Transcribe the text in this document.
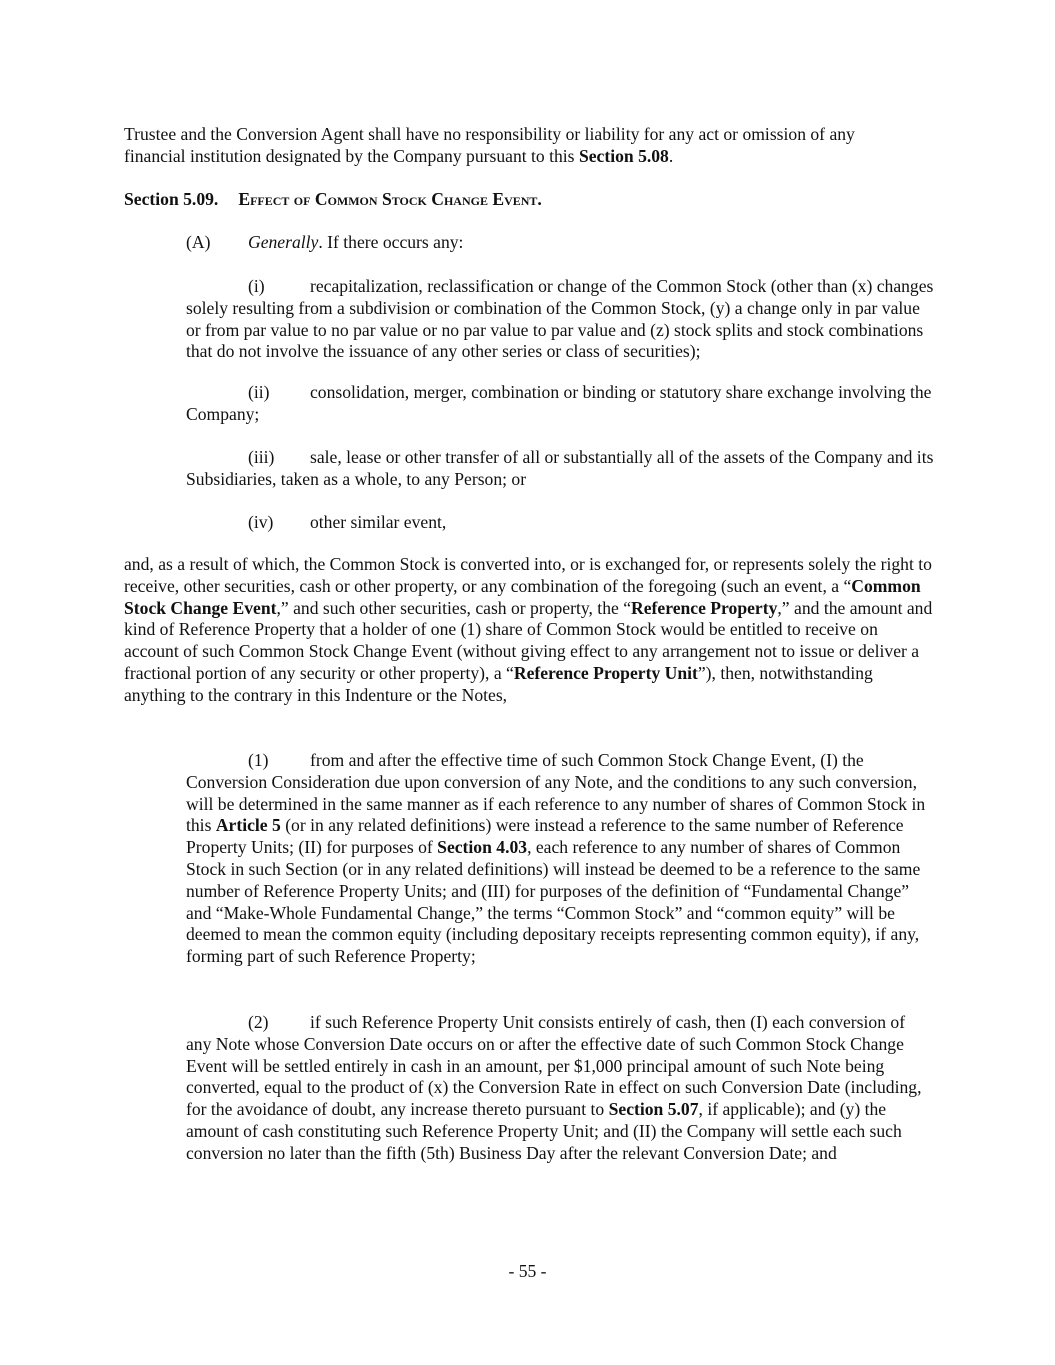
Trustee and the Conversion Agent shall have no responsibility or liability for any act or omission of any
financial institution designated by the Company pursuant to this Section 5.08.
Section 5.09. Effect of Common Stock Change Event.
(A) Generally. If there occurs any:
(i)	recapitalization, reclassification or change of the Common Stock (other than (x) changes solely resulting from a subdivision or combination of the Common Stock, (y) a change only in par value or from par value to no par value or no par value to par value and (z) stock splits and stock combinations that do not involve the issuance of any other series or class of securities);
(ii) consolidation, merger, combination or binding or statutory share exchange involving the Company;
(iii) sale, lease or other transfer of all or substantially all of the assets of the Company and its Subsidiaries, taken as a whole, to any Person; or
(iv) other similar event,
and, as a result of which, the Common Stock is converted into, or is exchanged for, or represents solely the right to receive, other securities, cash or other property, or any combination of the foregoing (such an event, a “Common Stock Change Event,” and such other securities, cash or property, the “Reference Property,” and the amount and kind of Reference Property that a holder of one (1) share of Common Stock would be entitled to receive on account of such Common Stock Change Event (without giving effect to any arrangement not to issue or deliver a fractional portion of any security or other property), a “Reference Property Unit”), then, notwithstanding anything to the contrary in this Indenture or the Notes,
(1) from and after the effective time of such Common Stock Change Event, (I) the Conversion Consideration due upon conversion of any Note, and the conditions to any such conversion, will be determined in the same manner as if each reference to any number of shares of Common Stock in this Article 5 (or in any related definitions) were instead a reference to the same number of Reference Property Units; (II) for purposes of Section 4.03, each reference to any number of shares of Common Stock in such Section (or in any related definitions) will instead be deemed to be a reference to the same number of Reference Property Units; and (III) for purposes of the definition of “Fundamental Change” and “Make-Whole Fundamental Change,” the terms “Common Stock” and “common equity” will be deemed to mean the common equity (including depositary receipts representing common equity), if any, forming part of such Reference Property;
(2) if such Reference Property Unit consists entirely of cash, then (I) each conversion of any Note whose Conversion Date occurs on or after the effective date of such Common Stock Change Event will be settled entirely in cash in an amount, per $1,000 principal amount of such Note being converted, equal to the product of (x) the Conversion Rate in effect on such Conversion Date (including, for the avoidance of doubt, any increase thereto pursuant to Section 5.07, if applicable); and (y) the amount of cash constituting such Reference Property Unit; and (II) the Company will settle each such conversion no later than the fifth (5th) Business Day after the relevant Conversion Date; and
- 55 -
